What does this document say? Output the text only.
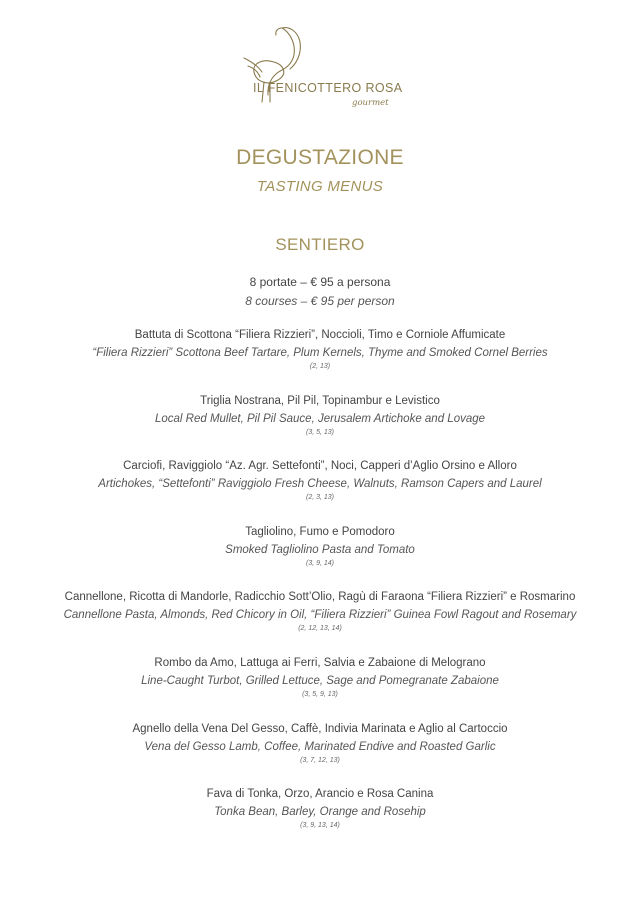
IL FENICOTTERO ROSA
gourmet
DEGUSTAZIONE
TASTING MENUS
SENTIERO
8 portate – € 95 a persona
8 courses – € 95 per person
Battuta di Scottona “Filiera Rizzieri”, Noccioli, Timo e Corniole Affumicate
“Filiera Rizzieri” Scottona Beef Tartare, Plum Kernels, Thyme and Smoked Cornel Berries
(2, 13)
Triglia Nostrana, Pil Pil, Topinambur e Levistico
Local Red Mullet, Pil Pil Sauce, Jerusalem Artichoke and Lovage
(3, 5, 13)
Carciofi, Raviggiolo “Az. Agr. Settefonti”, Noci, Capperi d’Aglio Orsino e Alloro
Artichokes, “Settefonti” Raviggiolo Fresh Cheese, Walnuts, Ramson Capers and Laurel
(2, 3, 13)
Tagliolino, Fumo e Pomodoro
Smoked Tagliolino Pasta and Tomato
(3, 9, 14)
Cannellone, Ricotta di Mandorle, Radicchio Sott’Olio, Ragù di Faraona “Filiera Rizzieri” e Rosmarino
Cannellone Pasta, Almonds, Red Chicory in Oil, “Filiera Rizzieri” Guinea Fowl Ragout and Rosemary
(2, 12, 13, 14)
Rombo da Amo, Lattuga ai Ferri, Salvia e Zabaione di Melograno
Line-Caught Turbot, Grilled Lettuce, Sage and Pomegranate Zabaione
(3, 5, 9, 13)
Agnello della Vena Del Gesso, Caffè, Indivia Marinata e Aglio al Cartoccio
Vena del Gesso Lamb, Coffee, Marinated Endive and Roasted Garlic
(3, 7, 12, 13)
Fava di Tonka, Orzo, Arancio e Rosa Canina
Tonka Bean, Barley, Orange and Rosehip
(3, 9, 13, 14)
